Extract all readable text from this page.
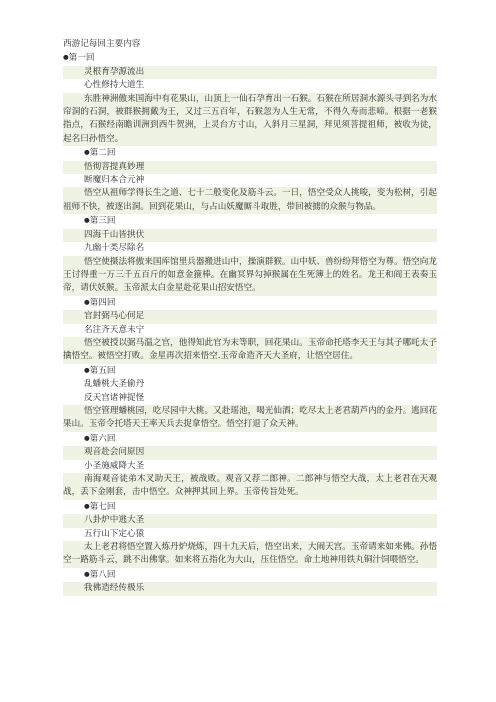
西游记每回主要内容
● 第一回
灵根育孕源流出
心性修持大道生
东胜神洲傲来国海中有花果山，山顶上一仙石孕育出一石猴。石猴在所居洞水源头寻到名为水帘洞的石洞，被群猴拥戴为王，又过三五百年，石猴忽为人生无常，不得久寿而悲啼。根据一老猴指点，石猴经南瞻训洲到西牛贺洲，上灵台方寸山，入斜月三星洞，拜见须菩提祖师，被收为徒，起名曰孙悟空。
● 第二回
悟彻菩提真妙理
断魔归本合元神
悟空从祖师学得长生之道、七十二般变化及筋斗云。一日，悟空受众人挑唆，变为松树，引起祖师不快，被逐出洞。回到花果山，与占山妖魔厮斗取胜，带回被掳的众猴与物品。
● 第三回
四海千山皆拱伏
九幽十类尽除名
悟空使摄法将傲来国库馆里兵器搬进山中，操演群猴。山中妖、兽纷纷拜悟空为尊。悟空向龙王讨得重一万三千五百斤的如意金箍棒。在幽冥界勾掉猴属在生死簿上的姓名。龙王和阎王表奏玉帝，请伏妖猴。玉帝派太白金星赴花果山招安悟空。
● 第四回
官封弼马心何足
名注齐天意未宁
悟空被授以弼马温之官，他得知此官为末等职，回花果山。玉帝命托塔李天王与其子哪吒太子擒悟空。被悟空打败。金星再次招来悟空.玉帝命造齐天大圣府，让悟空居住。
● 第五回
乱蟠桃大圣偷丹
反天宫诸神捉怪
悟空管理蟠桃园，吃尽园中大桃。又赴瑶池，喝光仙酒；吃尽太上老君葫芦内的金丹。逃回花果山。玉帝令托塔天王率天兵去捉拿悟空。悟空打退了众天神。
● 第六回
观音赴会问原因
小圣施威降大圣
南海观音徒弟木叉助天王，被战败。观音又荐二郎神。二郎神与悟空大战，太上老君在天观战，丢下金刚套，击中悟空。众神押其回上界。玉帝传旨处死。
● 第七回
八卦炉中逃大圣
五行山下定心猿
太上老君将悟空置入炼丹炉烧炼，四十九天后，悟空出来，大闹天宫。玉帝请来如来佛。孙悟空一路筋斗云，跳不出佛掌。如来将五指化为大山，压住悟空。命土地神用铁丸铜汁饲喂悟空。
● 第八回
我佛造经传极乐
